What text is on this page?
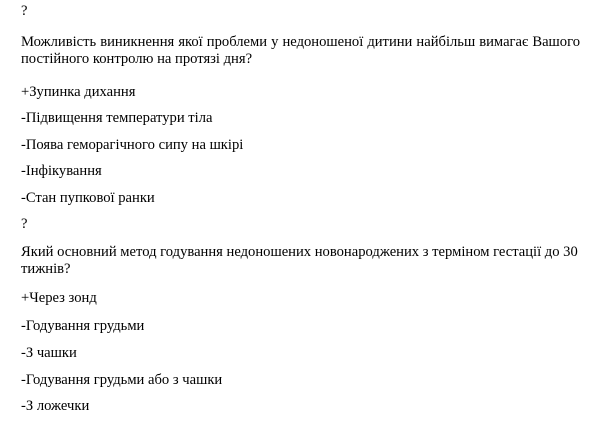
?
Можливість виникнення якої проблеми у недоношеної дитини найбільш вимагає Вашого постійного контролю на протязі дня?
+Зупинка дихання
-Підвищення температури тіла
-Поява геморагічного сипу на шкірі
-Інфікування
-Стан пупкової ранки
?
Який основний метод годування недоношених новонароджених з терміном гестації до 30 тижнів?
+Через зонд
-Годування грудьми
-З чашки
-Годування грудьми або з чашки
-З ложечки
